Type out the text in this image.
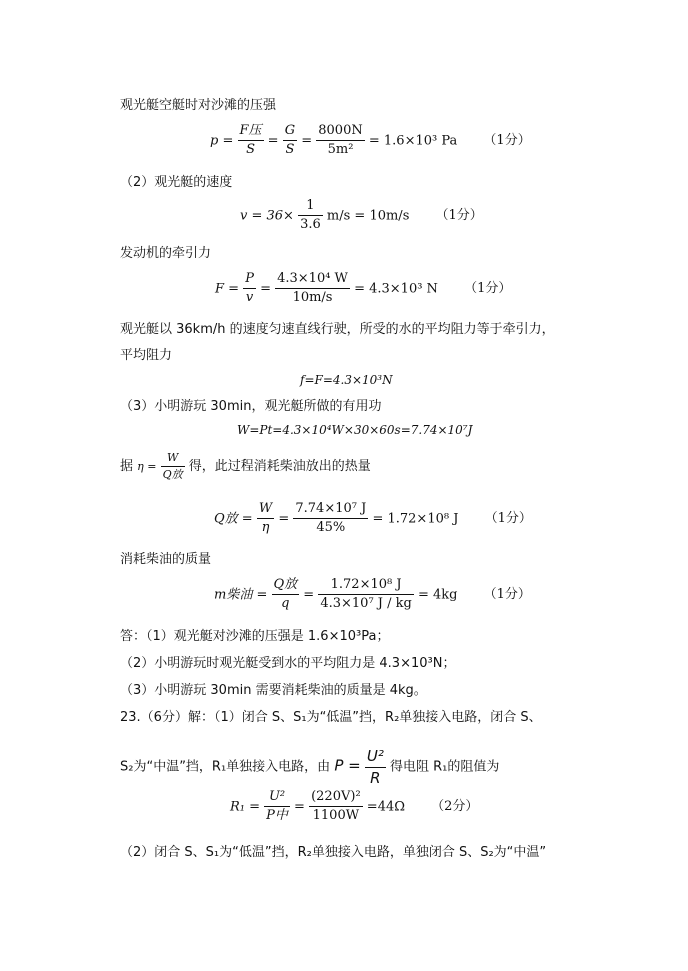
观光艇空艇时对沙滩的压强
$p = \frac{\text{F压}}{S} = \frac{G}{S} = \frac{8000N}{\text{5m²}} = 1.6\times 10^3$ Pa （1分）
（2）观光艇的速度
$v = 36\times \frac{1}{3.6} m/s = 10m/s$ （1分）
发动机的牵引力
$F = \frac{P}{v} = \frac{\text{4.3×10⁴ W}}{10m/s} = 4.3\times 10^3$ N （1分）
观光艇以 36km/h 的速度匀速直线行驶，所受的水的平均阻力等于牵引力，
平均阻力
f=F=4.3×10³N
（3）小明游玩 30min，观光艇所做的有用功
W=Pt=4.3×10⁴W×30×60s=7.74×10⁷J
据 $\eta = \frac{W}{\text{Q放}}$ 得，此过程消耗柴油放出的热量
Q放 = $\frac{W}{\eta} = \frac{\text{7.74×10⁷ J}}{45\%} = 1.72\times 10^8$ J （1分）
消耗柴油的质量
m柴油 = $\frac{\text{Q放}}{q} = \frac{\text{1.72×10⁸ J}}{\text{4.3×10⁷ J / kg}} = 4kg$ （1分）
答：（1）观光艇对沙滩的压强是 1.6×10³Pa；
（2）小明游玩时观光艇受到水的平均阻力是 4.3×10³N；
（3）小明游玩 30min 需要消耗柴油的质量是 4kg。
23.（6分）解：（1）闭合 S、S₁为“低温”挡，R₂单独接入电路，闭合 S、
S₂为“中温”挡，R₁单独接入电路，由 $P = \frac{\text{U²}}{R}$ 得电阻 R₁的阻值为
$R_1 = \frac{\text{U²}}{\text{P中}} = \frac{\text{(220V)²}}{1100W} =44\Omega$ （2分）
（2）闭合 S、S₁为“低温”挡，R₂单独接入电路，单独闭合 S、S₂为“中温”
